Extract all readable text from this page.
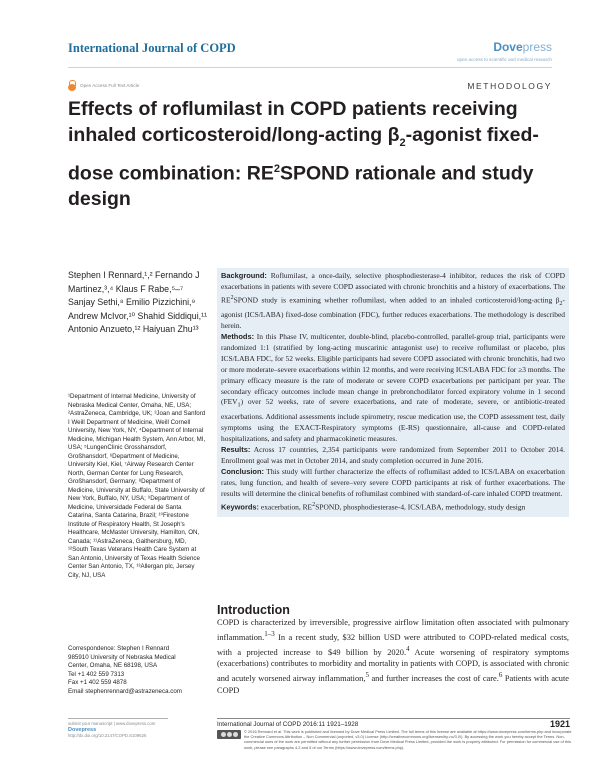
International Journal of COPD	Dovepress
open access to scientific and medical research
Open Access Full Text Article	METHODOLOGY
Effects of roflumilast in COPD patients receiving inhaled corticosteroid/long-acting $\beta_2$-agonist fixed-dose combination: $RE^2SPOND$ rationale and study design
Stephen I Rennard,¹,² Fernando J Martinez,³,⁴ Klaus F Rabe,⁵–⁷ Sanjay Sethi,⁸ Emilio Pizzichini,⁹ Andrew McIvor,¹⁰ Shahid Siddiqui,¹¹ Antonio Anzueto,¹² Haiyuan Zhu¹³
¹Department of Internal Medicine, University of Nebraska Medical Center, Omaha, NE, USA; ²AstraZeneca, Cambridge, UK; ³Joan and Sanford I Weill Department of Medicine, Weill Cornell University, New York, NY, ⁴Department of Internal Medicine, Michigan Health System, Ann Arbor, MI, USA; ⁵LungenClinic Grosshansdorf, Großhansdorf, ⁶Department of Medicine, University Kiel, Kiel, ⁷Airway Research Center North, German Center for Lung Research, Großhansdorf, Germany; ⁸Department of Medicine, University at Buffalo, State University of New York, Buffalo, NY, USA; ⁹Department of Medicine, Universidade Federal de Santa Catarina, Santa Catarina, Brazil; ¹⁰Firestone Institute of Respiratory Health, St Joseph's Healthcare, McMaster University, Hamilton, ON, Canada; ¹¹AstraZeneca, Gaithersburg, MD, ¹²South Texas Veterans Health Care System at San Antonio, University of Texas Health Science Center San Antonio, TX, ¹³Allergan plc, Jersey City, NJ, USA
Correspondence: Stephen I Rennard
985910 University of Nebraska Medical
Center, Omaha, NE 68198, USA
Tel +1 402 559 7313
Fax +1 402 559 4878
Email stephenrennard@astrazeneca.com

Background: Roflumilast, a once-daily, selective phosphodiesterase-4 inhibitor, reduces the risk of COPD exacerbations in patients with severe COPD associated with chronic bronchitis and a history of exacerbations. The $RE^2SPOND$ study is examining whether roflumilast, when added to an inhaled corticosteroid/long-acting $\beta_2$-agonist (ICS/LABA) fixed-dose combination (FDC), further reduces exacerbations. The methodology is described herein.

Methods: In this Phase IV, multicenter, double-blind, placebo-controlled, parallel-group trial, participants were randomized 1:1 (stratified by long-acting muscarinic antagonist use) to receive roflumilast or placebo, plus ICS/LABA FDC, for 52 weeks. Eligible participants had severe COPD associated with chronic bronchitis, had two or more moderate–severe exacerbations within 12 months, and were receiving ICS/LABA FDC for ≥3 months. The primary efficacy measure is the rate of moderate or severe COPD exacerbations per participant per year. The secondary efficacy outcomes include mean change in prebronchodilator forced expiratory volume in 1 second $(FEV_1)$ over 52 weeks, rate of severe exacerbations, and rate of moderate, severe, or antibiotic-treated exacerbations. Additional assessments include spirometry, rescue medication use, the COPD assessment test, daily symptoms using the EXACT-Respiratory symptoms (E-RS) questionnaire, all-cause and COPD-related hospitalizations, and safety and pharmacokinetic measures.

Results: Across 17 countries, 2,354 participants were randomized from September 2011 to October 2014. Enrollment goal was met in October 2014, and study completion occurred in June 2016.

Conclusion: This study will further characterize the effects of roflumilast added to ICS/LABA on exacerbation rates, lung function, and health of severe–very severe COPD participants at risk of further exacerbations. The results will determine the clinical benefits of roflumilast combined with standard-of-care inhaled COPD treatment.

Keywords: exacerbation, $RE^2SPOND$, phosphodiesterase-4, ICS/LABA, methodology, study design

Introduction

COPD is characterized by irreversible, progressive airflow limitation often associated with pulmonary inflammation.$^{1-3}$ In a recent study, $32 billion USD were attributed to COPD-related medical costs, with a projected increase to $49 billion by 2020.$^4$ Acute worsening of respiratory symptoms (exacerbations) contributes to morbidity and mortality in patients with COPD, is associated with chronic and acutely worsened airway inflammation,$^5$ and further increases the cost of care.$^6$ Patients with acute COPD

submit your manuscript | www.dovepress.com
Dovepress
http://dx.doi.org/10.2147/COPD.S109626
International Journal of COPD 2016:11 1921–1928	1921
© 2016 Rennard et al. This work is published and licensed by Dove Medical Press Limited. The full terms of this license are available at https://www.dovepress.com/terms.php and incorporate the Creative Commons Attribution – Non Commercial (unported, v3.0) License (http://creativecommons.org/licenses/by-nc/3.0/). By accessing the work you hereby accept the Terms. Non-commercial uses of the work are permitted without any further permission from Dove Medical Press Limited, provided the work is properly attributed. For permission for commercial use of this work, please see paragraphs 4.2 and 5 of our Terms (https://www.dovepress.com/terms.php).
